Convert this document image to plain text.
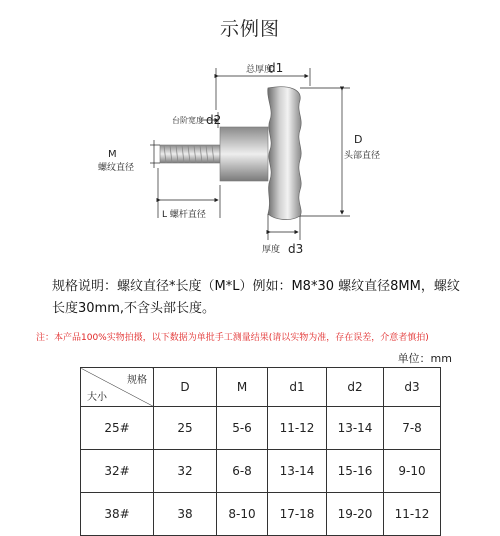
示例图
总厚度
d1
台阶宽度 d2
M
螺纹直径
L 螺杆直径
D
头部直径
厚度 d3
规格说明：螺纹直径*长度（M*L）例如：M8*30 螺纹直径8MM，螺纹
长度30mm,不含头部长度。
注：本产品100%实物拍摄，以下数据为单批手工测量结果(请以实物为准，存在误差，介意者慎拍)
单位：mm
规格
大小	D	M	d1	d2	d3
25#	25	5-6	11-12	13-14	7-8
32#	32	6-8	13-14	15-16	9-10
38#	38	8-10	17-18	19-20	11-12
